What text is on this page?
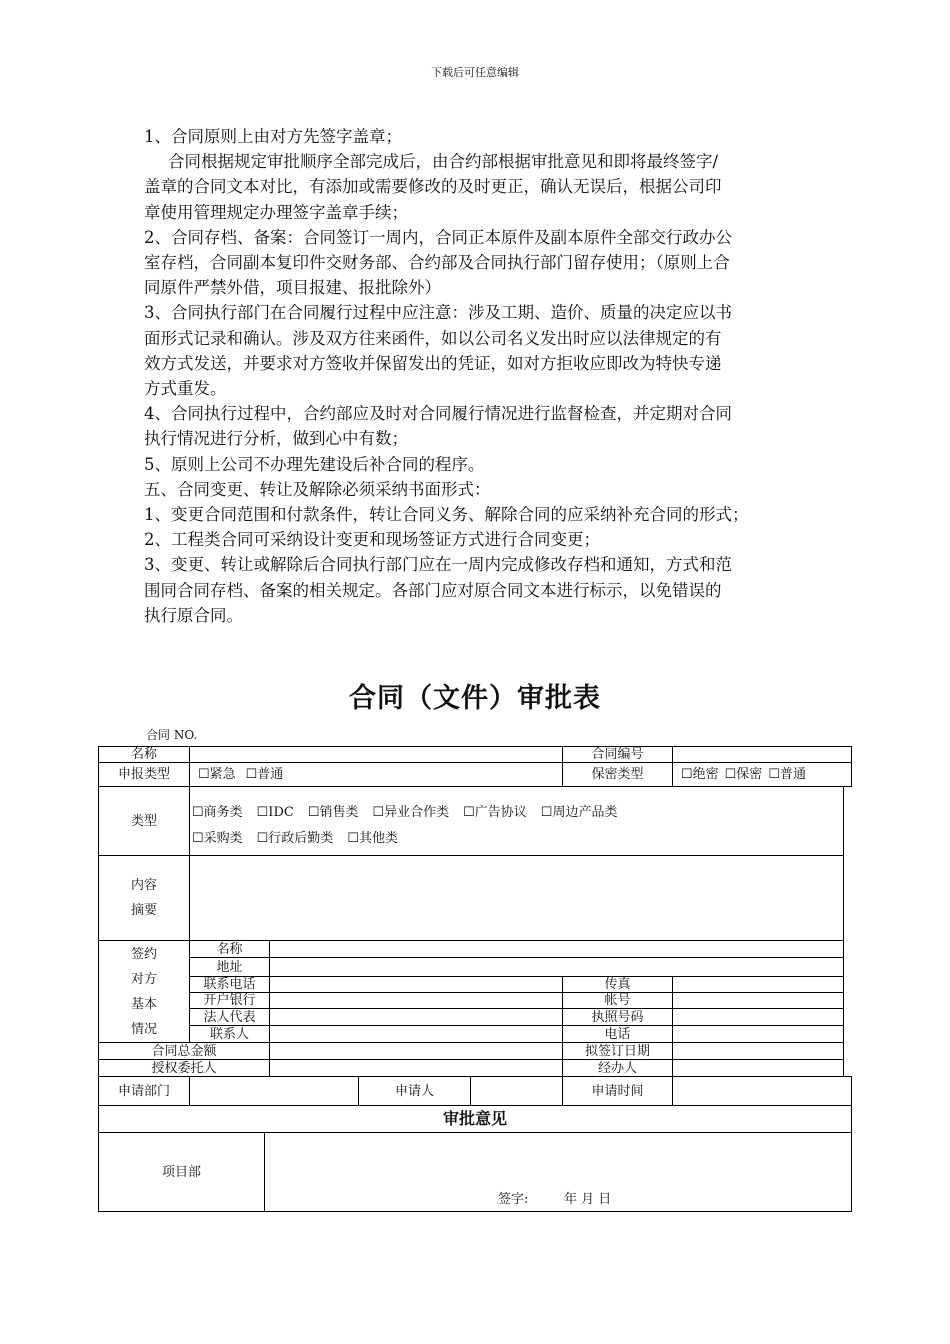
下载后可任意编辑

1、合同原则上由对方先签字盖章；

合同根据规定审批顺序全部完成后，由合约部根据审批意见和即将最终签字/

盖章的合同文本对比，有添加或需要修改的及时更正，确认无误后，根据公司印

章使用管理规定办理签字盖章手续；

2、合同存档、备案：合同签订一周内，合同正本原件及副本原件全部交行政办公

室存档，合同副本复印件交财务部、合约部及合同执行部门留存使用；（原则上合

同原件严禁外借，项目报建、报批除外）

3、合同执行部门在合同履行过程中应注意：涉及工期、造价、质量的决定应以书

面形式记录和确认。涉及双方往来函件，如以公司名义发出时应以法律规定的有

效方式发送，并要求对方签收并保留发出的凭证，如对方拒收应即改为特快专递

方式重发。

4、合同执行过程中，合约部应及时对合同履行情况进行监督检查，并定期对合同

执行情况进行分析，做到心中有数；

5、原则上公司不办理先建设后补合同的程序。

五、合同变更、转让及解除必须采纳书面形式：

1、变更合同范围和付款条件，转让合同义务、解除合同的应采纳补充合同的形式；

2、工程类合同可采纳设计变更和现场签证方式进行合同变更；

3、变更、转让或解除后合同执行部门应在一周内完成修改存档和通知，方式和范

围同合同存档、备案的相关规定。各部门应对原合同文本进行标示，以免错误的

执行原合同。

合同（文件）审批表
合同 NO.
名称	合同编号
申报类型	☐紧急 ☐普通	保密类型	☐绝密 ☐保密 ☐普通
类型
☐商务类 ☐IDC ☐销售类 ☐异业合作类 ☐广告协议 ☐周边产品类
☐采购类 ☐行政后勤类 ☐其他类
内容
摘要
签约
对方
基本
情况
名称
地址
联系电话	传真
开户银行	帐号
法人代表	执照号码
联系人	电话
合同总金额	拟签订日期
授权委托人	经办人
申请部门	申请人	申请时间
审批意见
项目部
签字:	年 月 日
